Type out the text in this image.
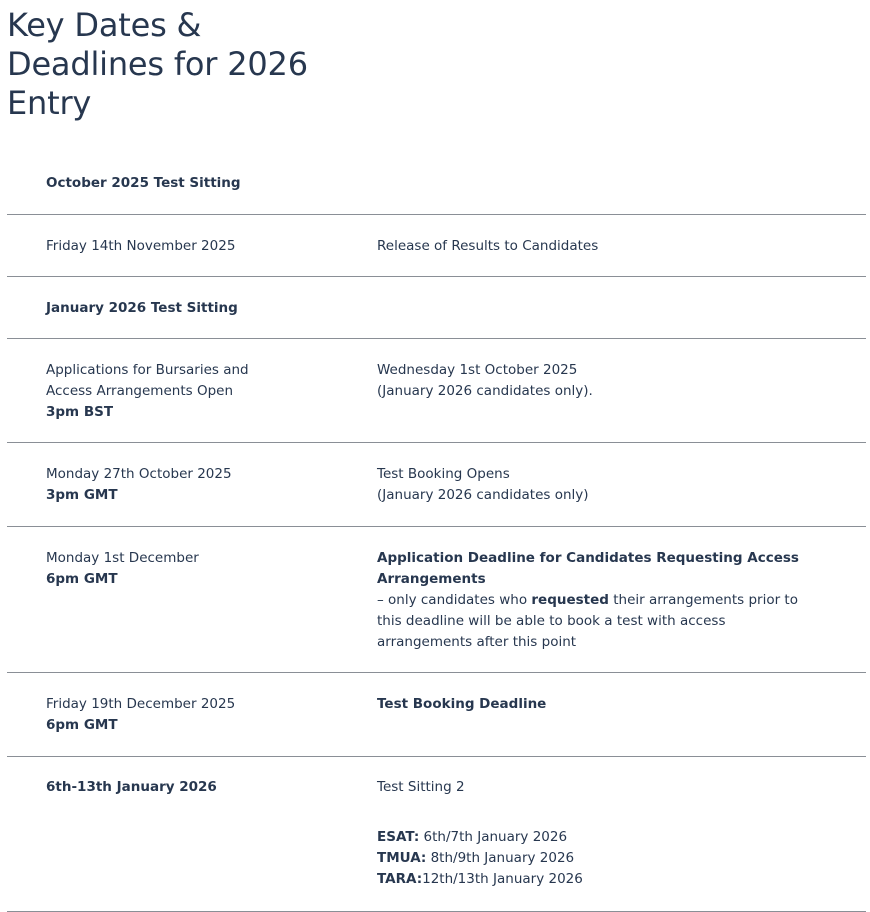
Key Dates &
Deadlines for 2026
Entry
October 2025 Test Sitting
Friday 14th November 2025	Release of Results to Candidates
January 2026 Test Sitting
Applications for Bursaries and
Access Arrangements Open
3pm BST
Wednesday 1st October 2025
(January 2026 candidates only).
Monday 27th October 2025
3pm GMT
Test Booking Opens
(January 2026 candidates only)
Monday 1st December
6pm GMT
Application Deadline for Candidates Requesting Access
Arrangements
– only candidates who requested their arrangements prior to
this deadline will be able to book a test with access
arrangements after this point
Friday 19th December 2025
6pm GMT
Test Booking Deadline
6th-13th January 2026	Test Sitting 2
ESAT: 6th/7th January 2026
TMUA: 8th/9th January 2026
TARA:12th/13th January 2026
